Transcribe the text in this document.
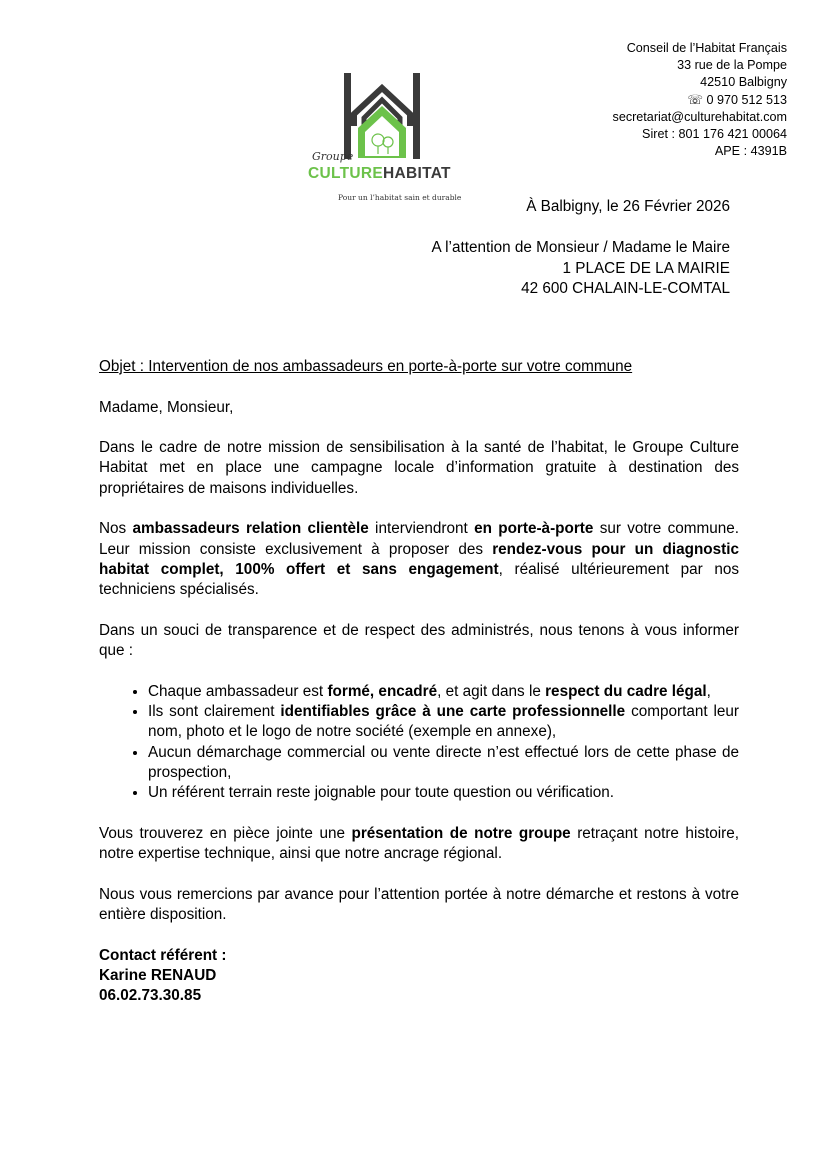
Conseil de l’Habitat Français
33 rue de la Pompe
42510 Balbigny
☏ 0 970 512 513
secretariat@culturehabitat.com
Siret : 801 176 421 00064
APE : 4391B
Groupe
CULTUREHABITAT
Pour un l’habitat sain et durable
À Balbigny, le 26 Février 2026
A l’attention de Monsieur / Madame le Maire
1 PLACE DE LA MAIRIE
42 600 CHALAIN-LE-COMTAL

Objet : Intervention de nos ambassadeurs en porte-à-porte sur votre commune

Madame, Monsieur,

Dans le cadre de notre mission de sensibilisation à la santé de l’habitat, le Groupe Culture Habitat met en place une campagne locale d’information gratuite à destination des propriétaires de maisons individuelles.

Nos ambassadeurs relation clientèle interviendront en porte-à-porte sur votre commune. Leur mission consiste exclusivement à proposer des rendez-vous pour un diagnostic habitat complet, 100% offert et sans engagement, réalisé ultérieurement par nos techniciens spécialisés.

Dans un souci de transparence et de respect des administrés, nous tenons à vous informer que :

• Chaque ambassadeur est formé, encadré, et agit dans le respect du cadre légal,
• Ils sont clairement identifiables grâce à une carte professionnelle comportant leur nom, photo et le logo de notre société (exemple en annexe),
• Aucun démarchage commercial ou vente directe n’est effectué lors de cette phase de prospection,
• Un référent terrain reste joignable pour toute question ou vérification.

Vous trouverez en pièce jointe une présentation de notre groupe retraçant notre histoire, notre expertise technique, ainsi que notre ancrage régional.

Nous vous remercions par avance pour l’attention portée à notre démarche et restons à votre entière disposition.

Contact référent :
Karine RENAUD
06.02.73.30.85
